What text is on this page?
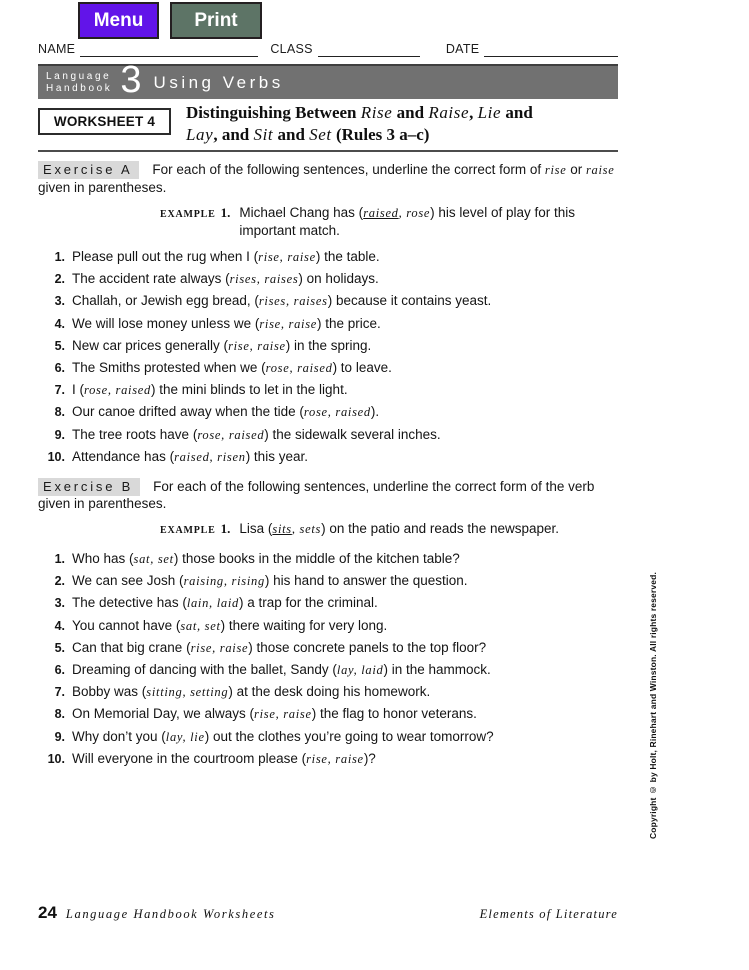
Menu	Print
NAME	CLASS	DATE
Language
Handbook 3 Using Verbs
WORKSHEET 4	Distinguishing Between Rise and Raise, Lie and
Lay, and Sit and Set (Rules 3 a–c)

Exercise A For each of the following sentences, underline the correct form of rise or raise given in parentheses.

EXAMPLE 1. Michael Chang has (raised, rose) his level of play for this important match.
1. Please pull out the rug when I (rise, raise) the table.
2. The accident rate always (rises, raises) on holidays.
3. Challah, or Jewish egg bread, (rises, raises) because it contains yeast.
4. We will lose money unless we (rise, raise) the price.
5. New car prices generally (rise, raise) in the spring.
6. The Smiths protested when we (rose, raised) to leave.
7. I (rose, raised) the mini blinds to let in the light.
8. Our canoe drifted away when the tide (rose, raised).
9. The tree roots have (rose, raised) the sidewalk several inches.
10. Attendance has (raised, risen) this year.

Exercise B For each of the following sentences, underline the correct form of the verb given in parentheses.

EXAMPLE 1. Lisa (sits, sets) on the patio and reads the newspaper.
1. Who has (sat, set) those books in the middle of the kitchen table?
2. We can see Josh (raising, rising) his hand to answer the question.
3. The detective has (lain, laid) a trap for the criminal.
4. You cannot have (sat, set) there waiting for very long.
5. Can that big crane (rise, raise) those concrete panels to the top floor?
6. Dreaming of dancing with the ballet, Sandy (lay, laid) in the hammock.
7. Bobby was (sitting, setting) at the desk doing his homework.
8. On Memorial Day, we always (rise, raise) the flag to honor veterans.
9. Why don’t you (lay, lie) out the clothes you’re going to wear tomorrow?
10. Will everyone in the courtroom please (rise, raise)?	Copyright © by Holt, Rinehart and Winston. All rights reserved.
24 Language Handbook Worksheets	Elements of Literature
